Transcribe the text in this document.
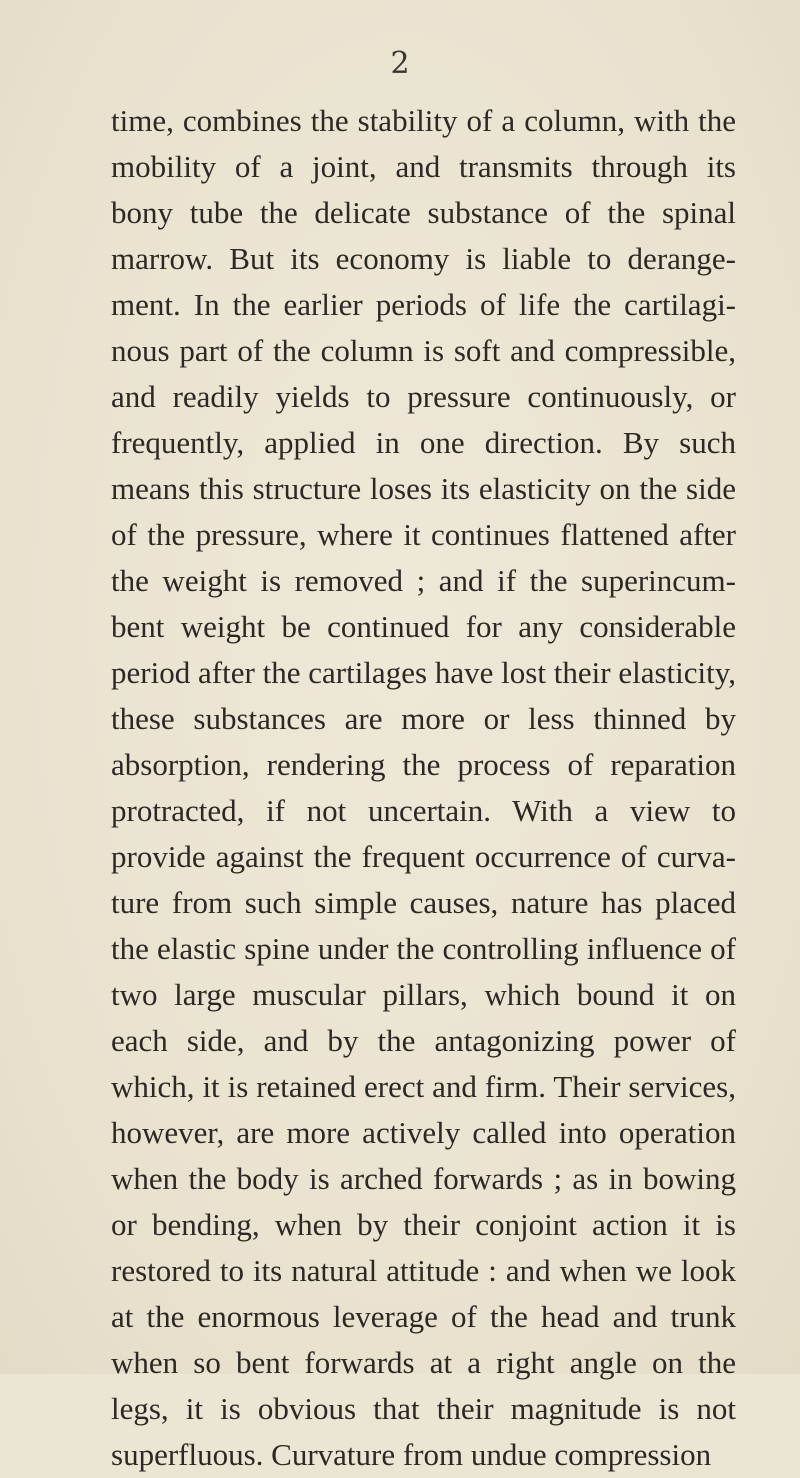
2
time, combines the stability of a column, with the
mobility of a joint, and transmits through its
bony tube the delicate substance of the spinal
marrow. But its economy is liable to derange-
ment. In the earlier periods of life the cartilagi-
nous part of the column is soft and compressible,
and readily yields to pressure continuously, or
frequently, applied in one direction. By such
means this structure loses its elasticity on the side
of the pressure, where it continues flattened after
the weight is removed ; and if the superincum-
bent weight be continued for any considerable
period after the cartilages have lost their elasticity,
these substances are more or less thinned by
absorption, rendering the process of reparation
protracted, if not uncertain. With a view to
provide against the frequent occurrence of curva-
ture from such simple causes, nature has placed
the elastic spine under the controlling influence of
two large muscular pillars, which bound it on
each side, and by the antagonizing power of
which, it is retained erect and firm. Their services,
however, are more actively called into operation
when the body is arched forwards ; as in bowing
or bending, when by their conjoint action it is
restored to its natural attitude : and when we look
at the enormous leverage of the head and trunk
when so bent forwards at a right angle on the
legs, it is obvious that their magnitude is not
superfluous. Curvature from undue compression
